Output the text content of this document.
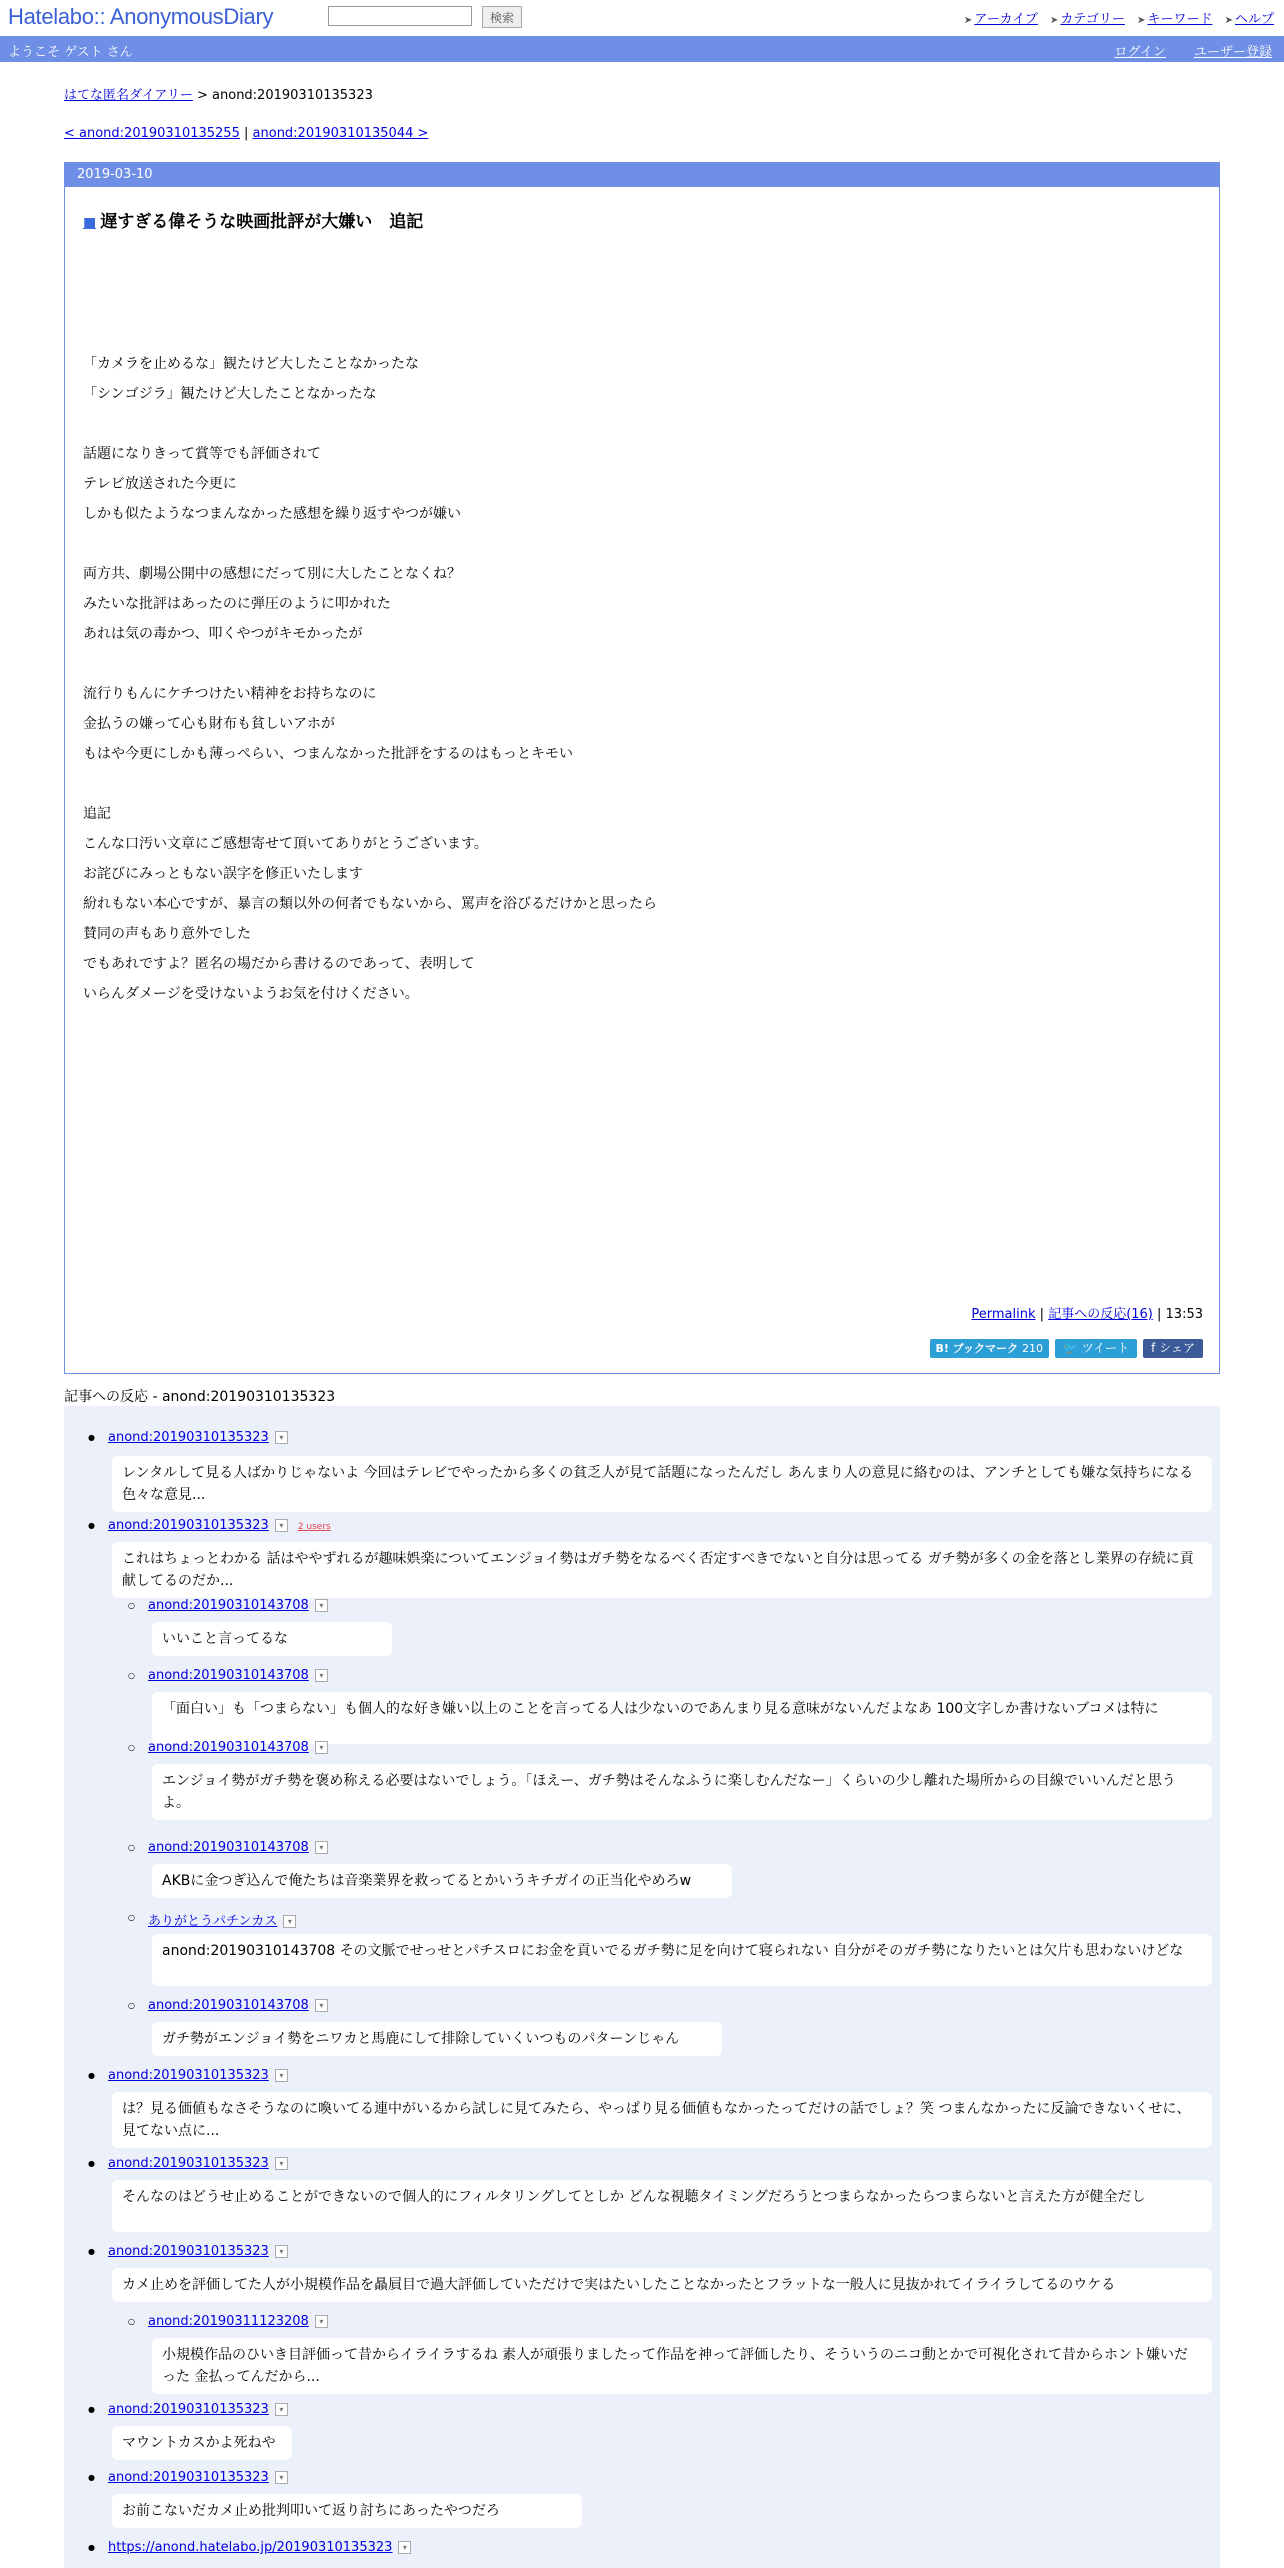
Hatelabo:: AnonymousDiary	検索	➤ アーカイブ ➤ カテゴリー ➤ キーワード ➤ ヘルプ
ようこそ ゲスト さん	ログイン ユーザー登録
はてな匿名ダイアリー > anond:20190310135323
< anond:20190310135255 | anond:20190310135044 >
2019-03-10
■ 遅すぎる偉そうな映画批評が大嫌い　追記

「カメラを止めるな」観たけど大したことなかったな

「シンゴジラ」観たけど大したことなかったな

話題になりきって賞等でも評価されて

テレビ放送された今更に

しかも似たようなつまんなかった感想を繰り返すやつが嫌い

両方共、劇場公開中の感想にだって別に大したことなくね？

みたいな批評はあったのに弾圧のように叩かれた

あれは気の毒かつ、叩くやつがキモかったが

流行りもんにケチつけたい精神をお持ちなのに

金払うの嫌って心も財布も貧しいアホが

もはや今更にしかも薄っぺらい、つまんなかった批評をするのはもっとキモい

追記

こんな口汚い文章にご感想寄せて頂いてありがとうございます。

お詫びにみっともない誤字を修正いたします

紛れもない本心ですが、暴言の類以外の何者でもないから、罵声を浴びるだけかと思ったら

賛同の声もあり意外でした

でもあれですよ？匿名の場だから書けるのであって、表明して

いらんダメージを受けないようお気を付けください。

Permalink | 記事への反応(16) | 13:53
B! ブックマーク 210 🐦 ツイート f シェア
記事への反応 - anond:20190310135323
● anond:20190310135323 ▾
レンタルして見る人ばかりじゃないよ 今回はテレビでやったから多くの貧乏人が見て話題になったんだし あんまり人の意見に絡むのは、アンチとしても嫌な気持ちになる 色々な意見...
● anond:20190310135323 ▾ 2 users
これはちょっとわかる 話はややずれるが趣味娯楽についてエンジョイ勢はガチ勢をなるべく否定すべきでないと自分は思ってる ガチ勢が多くの金を落とし業界の存続に貢献してるのだか...
○ anond:20190310143708 ▾
いいこと言ってるな
○ anond:20190310143708 ▾
「面白い」も「つまらない」も個人的な好き嫌い以上のことを言ってる人は少ないのであんまり見る意味がないんだよなあ 100文字しか書けないブコメは特に
○ anond:20190310143708 ▾
エンジョイ勢がガチ勢を褒め称える必要はないでしょう。「ほえー、ガチ勢はそんなふうに楽しむんだなー」くらいの少し離れた場所からの目線でいいんだと思うよ。
○ anond:20190310143708 ▾
AKBに金つぎ込んで俺たちは音楽業界を救ってるとかいうキチガイの正当化やめろw
○ ありがとうパチンカス ▾
anond:20190310143708 その文脈でせっせとパチスロにお金を貢いでるガチ勢に足を向けて寝られない 自分がそのガチ勢になりたいとは欠片も思わないけどな
○ anond:20190310143708 ▾
ガチ勢がエンジョイ勢をニワカと馬鹿にして排除していくいつものパターンじゃん
● anond:20190310135323 ▾
は？見る価値もなさそうなのに喚いてる連中がいるから試しに見てみたら、やっぱり見る価値もなかったってだけの話でしょ？笑 つまんなかったに反論できないくせに、見てない点に...
● anond:20190310135323 ▾
そんなのはどうせ止めることができないので個人的にフィルタリングしてとしか どんな視聴タイミングだろうとつまらなかったらつまらないと言えた方が健全だし
● anond:20190310135323 ▾
カメ止めを評価してた人が小規模作品を贔屓目で過大評価していただけで実はたいしたことなかったとフラットな一般人に見抜かれてイライラしてるのウケる
○ anond:20190311123208 ▾
小規模作品のひいき目評価って昔からイライラするね 素人が頑張りましたって作品を神って評価したり、そういうのニコ動とかで可視化されて昔からホント嫌いだった 金払ってんだから...
● anond:20190310135323 ▾
マウントカスかよ死ねや
● anond:20190310135323 ▾
お前こないだカメ止め批判叩いて返り討ちにあったやつだろ
● https://anond.hatelabo.jp/20190310135323 ▾
